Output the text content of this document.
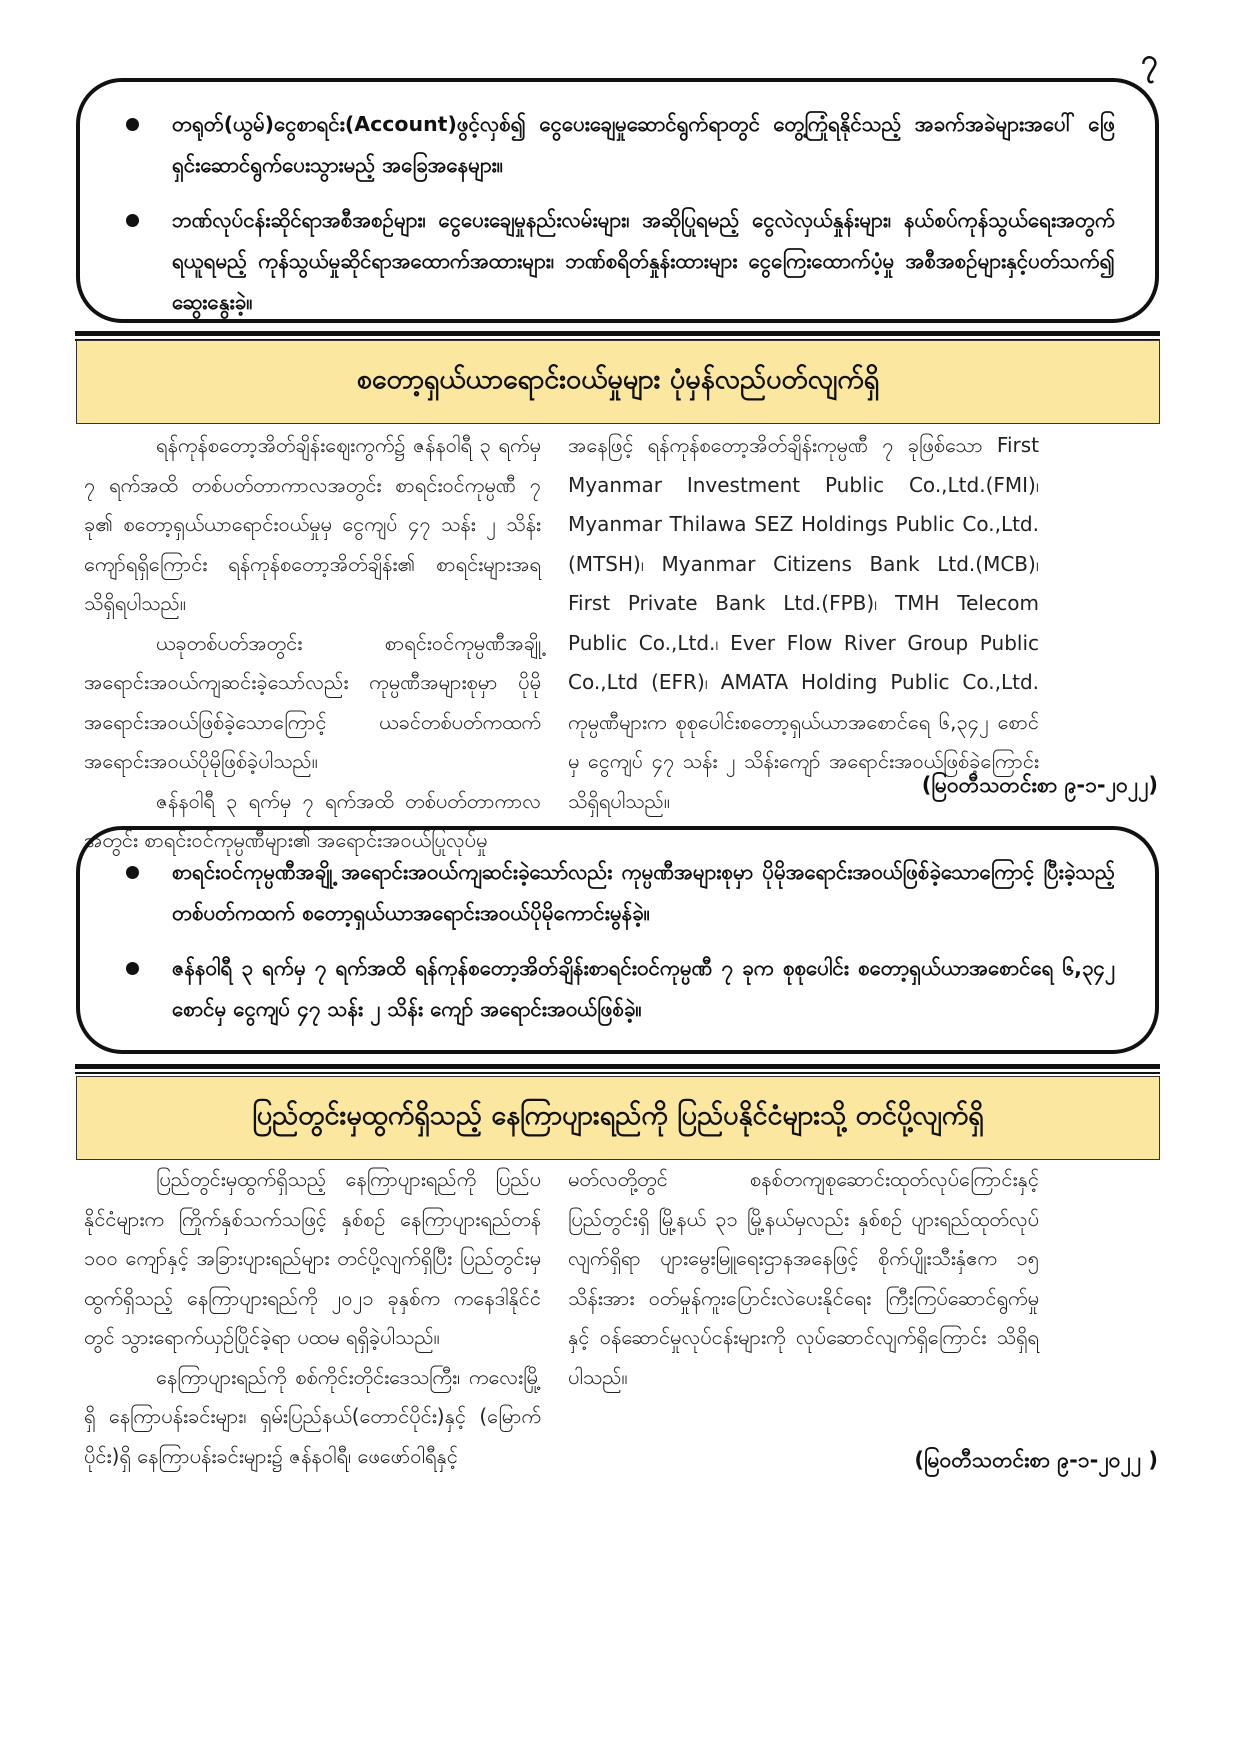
၇
တရုတ်(ယွမ်)ငွေစာရင်း(Account)ဖွင့်လှစ်၍ ငွေပေးချေမှုဆောင်ရွက်ရာတွင် တွေ့ကြုံရနိုင်သည့် အခက်အခဲများအပေါ် ဖြေရှင်းဆောင်ရွက်ပေးသွားမည့် အခြေအနေများ။
ဘဏ်လုပ်ငန်းဆိုင်ရာအစီအစဉ်များ၊ ငွေပေးချေမှုနည်းလမ်းများ၊ အဆိုပြုရမည့် ငွေလဲလှယ်နှုန်းများ၊ နယ်စပ်ကုန်သွယ်ရေးအတွက်ရယူရမည့် ကုန်သွယ်မှုဆိုင်ရာအထောက်အထားများ၊ ဘဏ်စရိတ်နှုန်းထားများ ငွေကြေးထောက်ပံ့မှု အစီအစဉ်များနှင့်ပတ်သက်၍ ဆွေးနွေးခဲ့။
စတော့ရှယ်ယာရောင်းဝယ်မှုများ ပုံမှန်လည်ပတ်လျက်ရှိ

ရန်ကုန်စတော့အိတ်ချိန်းဈေးကွက်၌ ဇန်နဝါရီ ၃ ရက်မှ ၇ ရက်အထိ တစ်ပတ်တာကာလအတွင်း စာရင်းဝင်ကုမ္ပဏီ ၇ ခု၏ စတော့ရှယ်ယာရောင်းဝယ်မှုမှ ငွေကျပ် ၄၇ သန်း ၂ သိန်းကျော်ရရှိကြောင်း ရန်ကုန်စတော့အိတ်ချိန်း၏ စာရင်းများအရ သိရှိရပါသည်။

ယခုတစ်ပတ်အတွင်း စာရင်းဝင်ကုမ္ပဏီအချို့ အရောင်းအဝယ်ကျဆင်းခဲ့သော်လည်း ကုမ္ပဏီအများစုမှာ ပိုမိုအရောင်းအဝယ်ဖြစ်ခဲ့သောကြောင့် ယခင်တစ်ပတ်ကထက် အရောင်းအဝယ်ပိုမိုဖြစ်ခဲ့ပါသည်။

ဇန်နဝါရီ ၃ ရက်မှ ၇ ရက်အထိ တစ်ပတ်တာကာလအတွင်း စာရင်းဝင်ကုမ္ပဏီများ၏ အရောင်းအဝယ်ပြုလုပ်မှု

အနေဖြင့် ရန်ကုန်စတော့အိတ်ချိန်းကုမ္ပဏီ ၇ ခုဖြစ်သော First Myanmar Investment Public Co.,Ltd.(FMI)၊ Myanmar Thilawa SEZ Holdings Public Co.,Ltd.(MTSH)၊ Myanmar Citizens Bank Ltd.(MCB)၊ First Private Bank Ltd.(FPB)၊ TMH Telecom Public Co.,Ltd.၊ Ever Flow River Group Public Co.,Ltd (EFR)၊ AMATA Holding Public Co.,Ltd. ကုမ္ပဏီများက စုစုပေါင်းစတော့ရှယ်ယာအစောင်ရေ ၆,၃၄၂ စောင်မှ ငွေကျပ် ၄၇ သန်း ၂ သိန်းကျော် အရောင်းအဝယ်ဖြစ်ခဲ့ကြောင်း သိရှိရပါသည်။

(မြဝတီသတင်းစာ ၉-၁-၂၀၂၂)
စာရင်းဝင်ကုမ္ပဏီအချို့ အရောင်းအဝယ်ကျဆင်းခဲ့သော်လည်း ကုမ္ပဏီအများစုမှာ ပိုမိုအရောင်းအဝယ်ဖြစ်ခဲ့သောကြောင့် ပြီးခဲ့သည့်တစ်ပတ်ကထက် စတော့ရှယ်ယာအရောင်းအဝယ်ပိုမိုကောင်းမွန်ခဲ့။
ဇန်နဝါရီ ၃ ရက်မှ ၇ ရက်အထိ ရန်ကုန်စတော့အိတ်ချိန်းစာရင်းဝင်ကုမ္ပဏီ ၇ ခုက စုစုပေါင်း စတော့ရှယ်ယာအစောင်ရေ ၆,၃၄၂ စောင်မှ ငွေကျပ် ၄၇ သန်း ၂ သိန်း ကျော် အရောင်းအဝယ်ဖြစ်ခဲ့။
ပြည်တွင်းမှထွက်ရှိသည့် နေကြာပျားရည်ကို ပြည်ပနိုင်ငံများသို့ တင်ပို့လျက်ရှိ

ပြည်တွင်းမှထွက်ရှိသည့် နေကြာပျားရည်ကို ပြည်ပနိုင်ငံများက ကြိုက်နှစ်သက်သဖြင့် နှစ်စဉ် နေကြာပျားရည်တန် ၁၀၀ ကျော်နှင့် အခြားပျားရည်များ တင်ပို့လျက်ရှိပြီး ပြည်တွင်းမှထွက်ရှိသည့် နေကြာပျားရည်ကို ၂၀၂၁ ခုနှစ်က ကနေဒါနိုင်ငံတွင် သွားရောက်ယှဉ်ပြိုင်ခဲ့ရာ ပထမ ရရှိခဲ့ပါသည်။

နေကြာပျားရည်ကို စစ်ကိုင်းတိုင်းဒေသကြီး၊ ကလေးမြို့ရှိ နေကြာပန်းခင်းများ၊ ရှမ်းပြည်နယ်(တောင်ပိုင်း)နှင့် (မြောက်ပိုင်း)ရှိ နေကြာပန်းခင်းများ၌ ဇန်နဝါရီ၊ ဖေဖော်ဝါရီနှင့်

မတ်လတို့တွင် စနစ်တကျစုဆောင်းထုတ်လုပ်ကြောင်းနှင့် ပြည်တွင်းရှိ မြို့နယ် ၃၁ မြို့နယ်မှလည်း နှစ်စဉ် ပျားရည်ထုတ်လုပ်လျက်ရှိရာ ပျားမွေးမြူရေးဌာနအနေဖြင့် စိုက်ပျိုးသီးနှံဧက ၁၅ သိန်းအား ဝတ်မှုန်ကူးပြောင်းလဲပေးနိုင်ရေး ကြီးကြပ်ဆောင်ရွက်မှုနှင့် ဝန်ဆောင်မှုလုပ်ငန်းများကို လုပ်ဆောင်လျက်ရှိကြောင်း သိရှိရပါသည်။

(မြဝတီသတင်းစာ ၉-၁-၂၀၂၂ )
